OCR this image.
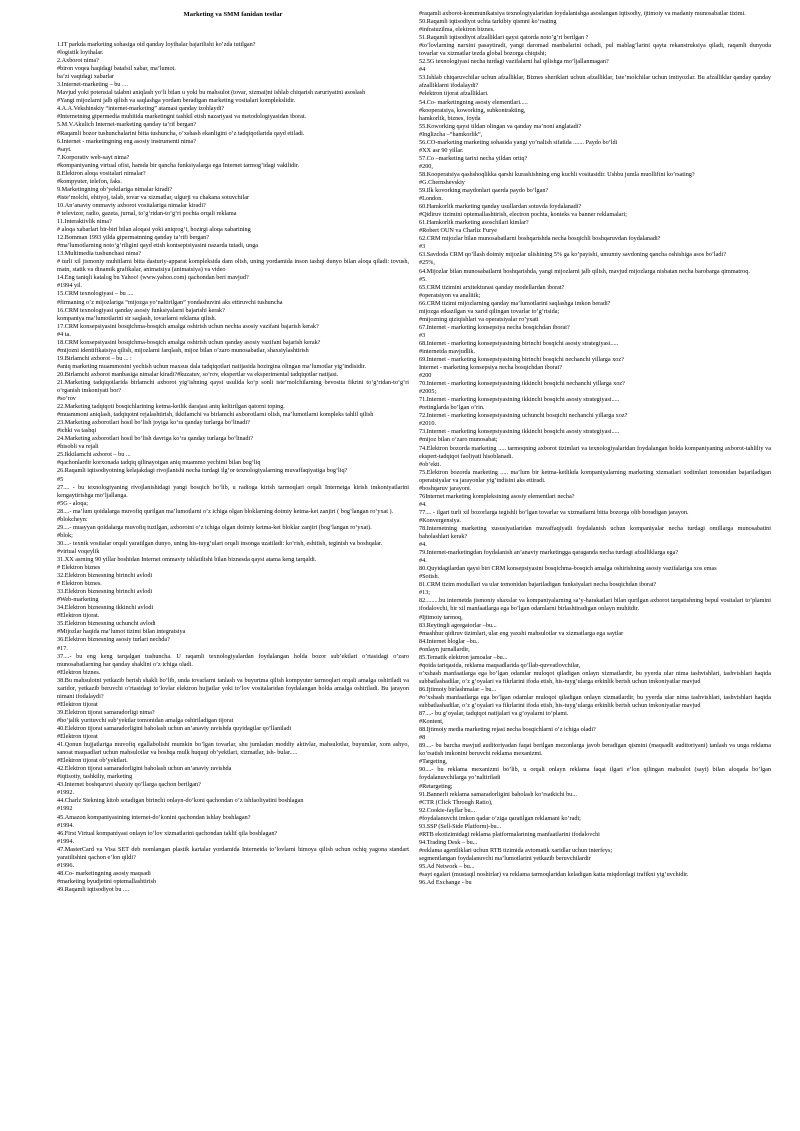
Marketing va SMM fanidan testlar

1.IT parkda marketing sohasiga oid qanday loyihalar bajarilishi ko’zda tutilgan?

#logistik loyihalar.

2.Axborot nima?

#biron voqea haqidagi batafsil xabar, ma’lumot.

ba’zi vaqtdagi xabarlar

3.Internet-marketing – bu …

Mavjud yoki potensial talabni aniqlash yo‘li bilan u yoki bu mahsulot (tovar, xizmat)ni ishlab chiqarish zaruriyatini asoslash

#Yangi mijozlarni jalb qilish va saqlashga yordam beradigan marketing vositalari komplekslidir.

4.A.A.Vekshinskiy “internet-marketing” atamasi qanday izohlaydi?

#Internetning gipermedia muhitida marketingni tashkil etish nazariyasi va metodologiyasidan iborat.

5.M.V.Akulich Internet-marketing qanday ta’rif bergan?

#Raqamli bozor tushunchalarini bitta tushuncha, o’xshash ekanligini o’z tadqiqotlarida qayd etiladi.

6.Internet - marketingning eng asosiy instrumenti nima?

#sayt.

7.Korporativ web-sayt nima?

#kompaniyaning virtual ofisi, hamda bir qancha funksiyalarga ega Internet tarmog’idagi vakilidir.

8.Elektron aloqa vositalari nimalar?

#kompyuter, telefon, faks.

9.Marketingning ob’yektlariga nimalar kiradi?

#iste’molchi, ehtiyoj, talab, tovar va xizmatlar, ulgurji va chakana sotuvchilar

10.An’anaviy ommaviy axborot vositalariga nimalar kiradi?

# televizor, radio, gazeta, jurnal, to‘g‘ridan-to‘g‘ri pochta orqali reklama

11.Interaktivlik nima?

# aloqa xabarlari bir-biri bilan aloqasi yoki aniqrog‘i, hozirgi aloqa xabarining

12.Bomman 1993 yilda gipermatnning qanday ta’rifi bergan?

#ma’lumotlarning noto‘g‘riligini qayd etish kontseptsiyasini nazarda tutadi, unga

13.Multimedia tushunchasi nima?

# turli xil jismoniy muhitlarni bitta dasturiy-apparat kompleksida dam olish, uning yordamida inson tashqi dunyo bilan aloqa qiladi: tovush, matn, statik va dinamik grafikalar, animatsiya (animatsiya) va video

14.Eng taniqli katalog bu Yahoo! (www.yahoo.com) qachondan beri mavjud?

#1994 yil.

15.CRM texnologiyasi – bu ....

#firmaning o’z mijozlariga “mijozga yo’naltirilgan” yondashuvini aks ettiruvchi tushuncha

16.CRM texnologiyasi qanday asosiy funksiyalarni bajarishi kerak?

kompaniya ma’lumotlarini sir saqlash, tovarlarni reklama qilish.

17.CRM konsepsiyasini bosqichma-bosqich amalga oshirish uchun nechta asosiy vazifani bajarish kerak?

#4 ta.

18.CRM konsepsiyasini bosqichma-bosqich amalga oshirish uchun qanday asosiy vazifani bajarish kerak?

#mijozni identifikatsiya qilish, mijozlarni farqlash, mijoz bilan o’zaro munosabatlar, shaxsiylashtirish

19.Birlamchi axborot – bu ... :

#aniq marketing muammosini yechish uchun maxsus dala tadqiqotlari natijasida hozirgina olingan ma’lumotlar yig’indisidir.

20.Birlamchi axborot manbasiga nimalar kiradi?#kuzatuv, so‘rov, ekspertlar va eksperimental tadqiqotlar natijasi.

21.Marketing tadqiqotlarida birlamchi axborot yig‘ishning qaysi usulida ko‘p sonli iste’molchilarning bevosita fikrini to‘g‘ridan-to‘g‘ri o‘rganish imkoniyati bor?

#so‘rov

22.Marketing tadqiqoti bosqichlarining ketma-ketlik darajasi aniq keltirilgan qatorni toping.

#muammoni aniqlash, tadqiqotni rejalashtirish, ikkilamchi va birlamchi axborotlarni olish, ma’lumotlarni kompleks tahlil qilish

23.Marketing axborotlari hosil bo‘lish joyiga ko‘ra qanday turlarga bo‘linadi?

#ichki va tashqi

24.Marketing axborotlari hosil bo‘lish davriga ko‘ra qanday turlarga bo‘linadi?

#hisobli va rejali

25.Ikkilamchi axborot – bu ...

#qachonlardir korxonada tadqiq qilinayotgan aniq muammo yechimi bilan bog‘liq

26.Raqamli iqtisodiyotning kelajakdagi rivojlanishi necha turdagi ilg‘or texnologiyalarning muvaffaqiyatiga bog‘liq?

#5

27.... - bu texnologiyaning rivojlanishidagi yangi bosqich bo‘lib, u radioga kirish tarmoqlari orqali Internetga kirish imkoniyatlarini kengaytirishga mo‘ljallanga.

#5G - aloqa;

28....- ma’lum qoidalarga muvofiq qurilgan ma’lumotlarni o’z ichiga olgan bloklarning doimiy ketma-ket zanjiri ( bog‘langan ro‘yxat ).

#blokchеyn:

29....- muayyan qoidalarga muvofiq tuzilgan, axborotni o’z ichiga olgan doimiy ketma-ket bloklar zanjiri (bog‘langan ro‘yxat).

#blok;

30....- texnik vositalar orqali yaratilgan dunyo, uning his-tuyg‘ulari orqali insonga uzatiladi: ko‘rish, eshitish, teginish va boshqalar.

#virtual voqeylik

31.XX asrning 90 yillar boshidan Internet ommaviy ishlatilishi bilan biznesda qaysi atama keng tarqaldi.

# Elektron biznes

32.Elektron biznesning birinchi avlodi

# Elektron biznes.

33.Elektron biznesning birinchi avlodi

#Web-marketing

34.Elektron biznesning ikkinchi avlodi

#Elektron tijorat.

35.Elektron biznesning uchunchi avlodi

#Mijozlar haqida ma’lumot tizimi bilan integratsiya

36.Elektron biznesning asosiy turlari nechda?

#17.

37....- bu eng keng tarqalgan tushuncha. U raqamli texnologiyalardan foydalangan holda bozor sub’ektlari o’rtasidagi o’zaro munosabatlarning har qanday shaklini o’z ichiga oladi.

#Elektron biznes.

38.Bu mahsulotni yetkazib berish shakli bo‘lib, unda tovarlarni tanlash va buyurtma qilish kompyuter tarmoqlari orqali amalga oshiriladi va xaridor, yetkazib beruvchi o’rtasidagi to’lovlar elektron hujjatlar yoki to’lov vositalaridan foydalangan holda amalga oshiriladi. Bu jarayon nimani ifodalaydi?

#Elektron tijorat

39.Elektron tijorat samaradorligi nima?

#ho’jalik yurituvchi sub’yektlar tomonidan amalga oshiriladigan tijorat

40.Elektron tijorat samaradorligini baholash uchun an’anaviy ravishda quyidagilar qo’llaniladi

#Elektron tijorat

41.Qonun hujjatlariga muvofiq egallabolishi mumkin bo’lgan tovarlar, shu jumladan moddiy aktivlar, mahsulotlar, buyumlar, xom ashyo, sanoat maqsadlari uchun mahsulotlar va boshqa mulk huquqi ob’yektlari, xizmatlar, ish- bular.....

#Elektron tijorat ob’yektlari.

42.Elektron tijorat samaradorligini baholash uchun an’anaviy ravishda

#iqtisotiy, tashkiliy, marketing

43.Internet boshqaruvi shaxsiy qo’llarga qachon berilgan?

#1992.

44.Charlz Stekning kitob sotadigan birinchi onlayn-do’koni qachondan o’z ishfaoliyatini boshlagan

#1992

45.Amazon kompaniyasining internet-do’konini qachondan ishlay boshlagan?

#1994.

46.First Virtual kompaniyasi onlayn to’lov xizmatlarini qachondan taklif qila boshlagan?

#1994.

47.MasterCard va Visa SET deb nomlangan plastik kartalar yordamida Internetda to’lovlarni himoya qilish uchun ochiq yagona standart yaratilishini qachon e’lon qildi?

#1996.

48.Co- marketingning asosiy maqsadi

#marketing byudjetini optemallashtirish

49.Raqamli iqtisodiyot bu ....

#raqamli axborot-kommunikatsiya texnologiyalaridan foydalanishga asoslangan iqtisodiy, ijtimoiy va madaniy munosabatlar tizimi.

50.Raqamli iqtisodiyot uchta tarkibiy qismni ko’rsating

#infratuzilma, elektron biznes.

51.Raqamli iqtisodiyot afzalliklari qaysi qatorda noto’g’ri berilgan ?

#to’lovlarning narxini pasaytiradi, yangi daromad manbalarini ochadi, pul mablag’larini qayta rekanstruksiya qiladi, raqamli dunyoda tovarlar va xizmatlar tezda global bozorga chiqishi;

52.5G texnologiyasi necha turdagi vazifalarni hal qilishga mo’ljallanmagan?

#4

53.Ishlab chiqaruvchilar uchun afzalliklar, Biznes sheriklari uchun afzalliklar, Iste’molchilar uchun imtiyozlar. Bu afzalliklar qanday qanday afzalliklarni ifodalaydi?

#elektron tijorat afzalliklari.

54.Co- marketingning asosiy elementlari.....

#kooperatsiya, koworking, subkontrakting,

hamkorlik, biznes, foyda

55.Koworking qaysi tildan olingan va qanday ma’noni anglatadi?

#Inglizcha –“hamkorlik”,

56.CO-marketing marketing sohasida yangi yo’nalish sifatida ....... Paydo bo’ldi

#XX asr 90 yillar.

57.Co –marketing tarixi necha yildan ortiq?

#200,

58.Kooperatsiya qashshoqlikka qarshi kurashishning eng kuchli vositasidir. Ushbu jumla muollifini ko’rsating?

#G.Chernshevskiy

59.Ilk kovorking maydonlari qaerda paydo bo’lgan?

#London.

60.Hamkorlik marketing qanday usullardan sotuvda foydalanadi?

#Qidiruv tizimini optemallashtirish, electron pochta, konteks va banner reklamalari;

61.Hamkorlik marketing asoschilari kimlar?

#Robert OUN va Charliz Furye

62.CRM mijozlar bilan munosabatlarni boshqarishda necha bosqichli boshqaruvdan foydalanadi?

#3

63.Savdoda CRM qo’llash doimiy mijozlar ulishining 5% ga ko’payishi, umumiy savdoning qancha oshishiga asos bo’ladi?

#25%,

64.Mijozlar bilan munosabatlarni boshqarishda, yangi mijozlarni jalb qilish, mavjud mijozlarga nisbatan necha barobarga qimmatroq.

#5.

65.CRM tizimini arxitekturasi qanday modellardan iborat?

#operatsiyon va analitik;

66.CRM tizimi mijozlarning qanday ma’lumotlarini saqlashga imkon beradi?

mijozga etkazilgan va xarid qilingan tovarlar to’g’risida;

#mijozning qiziqishlari va operatsiyalar ro’yxati

67.Internet - marketing konsepsiya necha bosqichdan iborat?

#3

68.Internet - marketing konsepsiyasining birinchi bosqichi asosiy strategiyasi.....

#internetda mavjudlik.

69.Internet - marketing konsepsiyasining birinchi bosqichi nechanchi yillarga xoz?

Internet - marketing konsepsiya necha bosqichdan iborat?

#200

70.Internet - marketing konsepsiyasining ikkinchi bosqichi nechanchi yillarga xoz?

#2005;

71.Internet - marketing konsepsiyasining ikkinchi bosqichi asosiy strategiyasi.....

#retinglarda bo’lgan o’rin.

72.Internet - marketing konsepsiyasining uchunchi bosqichi nechanchi yillarga xoz?

#2010.

73.Internet - marketing konsepsiyasining ikkinchi bosqichi asosiy strategiyasi.....

#mijoz bilan o’zaro munosabat;

74.Elektron bozorda marketing ..... tarmoqning axborot tizimlari va texnologiyalaridan foydalangan holda kompaniyaning axborot-tahliliy va ekspert-tadqiqot faoliyati hisoblanadi.

#ob’ekti.

75.Elektron bozorda marketing ..... ma’lum bir ketma-ketlikda kompaniyalarning marketing xizmatlari xodimlari tomonidan bajariladigan operatsiyalar va jarayonlar yig’indisini aks ettiradi.

#boshqaruv jarayoni.

76Internet marketing kompleksining asosiy elementlari necha?

#4.

77.... - ilgari turli xil bozorlarga tegishli bo’lgan tovarlar va xizmatlarni bitta bozorga olib boradigan jarayon.

#Konvergensiya.

78.Internetning marketing xususiyatlaridan muvaffaqiyatli foydalanish uchun kompaniyalar necha turdagi omillarga munosabatini baholashlari kerak?

#4.

79.Internet-marketingdan foydalanish an’anaviy marketingga qaraganda necha turdagi afzalliklarga ega?

#4.

80.Quyidagilardan qaysi biri CRM konsepsiyasini bosqichma-bosqich amalga oshirishning asosiy vazifalariga xos emas

#Sotish.

81.CRM tizim modullari va ular tomonidan bajariladigan funksiyalari necha bosqichdan iborat?

#13;

82.........bu internetda jismoniy shaxslar va kompaniyalarning sa’y-harakatlari bilan qurilgan axborot tarqatishning bepul vositalari to’plamini ifodalovchi, bir xil manfaatlarga ega bo’lgan odamlarni birlashtiradigan onlayn muhitdir.

#Ijtimoiy tarmoq,

83.Reytingli agregatorlar –bu...

#mashhur qidiruv tizimlari, ular eng yaxshi mahsulotlar va xizmatlarga ega saytlar

84.Internet bloglar –bu..

#onlayn jurnallardir,

85.Tematik elektron jamoalar –bu...

#qoida tariqasida, reklama maqsadlarida qo’llab-quvvatlovchilar,

o’xshash manfaatlarga ega bo’lgan odamlar muloqot qiladigan onlayn xizmatlardir, bu yyerda ular nima tashvishlari, tashvishlari haqida subbatlashadilar, o’z g’oyalari va fikrlarini ifoda etish, his-tuyg’ularga erkinlik berish uchun imkoniyatlar mavjud

86.Ijtimoiy birlashmalar – bu...

#o’xshash manfaatlarga ega bo’lgan odamlar muloqot qiladigan onlayn xizmatlardir, bu yyerda ular nima tashvishlari, tashvishlari haqida subbatlashadilar, o’z g’oyalari va fikrlarini ifoda etish, his-tuyg’ularga erkinlik berish uchun imkoniyatlar mavjud

87....- bu g’oyalar, tadqiqot natijalari va g’oyalarni to’plami.

#Kontent,

88.Ijtimoiy media marketing rejasi necha bosqichlarni o’z ichiga oladi?

#8

89....- bu barcha mavjud auditoriyadan faqat berilgan mezonlarga javob beradigan qismini (maqsadli auditoriyani) tanlash va unga reklama ko’rsatish imkonini beruvchi reklama mexanizmi.

#Targeting,

90....- bu reklama mexanizmi bo’lib, u orqali onlayn reklama faqat ilgari e’lon qilingan mahsulot (sayt) bilan aloqada bo’lgan foydalanuvchilarga yo’naltiriladi

#Retargeting;

91.Bannerli reklama samaradorligini baholash ko’rsatkichi bu...

#CTR (Click Through Ratio),

92.Cookie-fayllar bu...

#foydalanuvchi imkon qadar o’ziga qaratilgan reklamani ko’radi;

93.SSP (Sell-Side Platform)-bu...

#RTB ekotizimidagi reklama platformalarining manfaatlarini ifodalovchi

94.Trading Desk – bu...

#reklama agentliklari uchun RTB tizimida avtomatik xaridlar uchun interfeys;

segmentlangan foydalanuvchi ma’lumotlarini yetkazib beruvchilardir

95.Ad Network – bu...

#sayt egalari (mustaqil noshirlar) va reklama tarmoqlaridan keladigan katta miqdordagi trafikni yig’uvchidir.

96.Ad Exchange - bu
